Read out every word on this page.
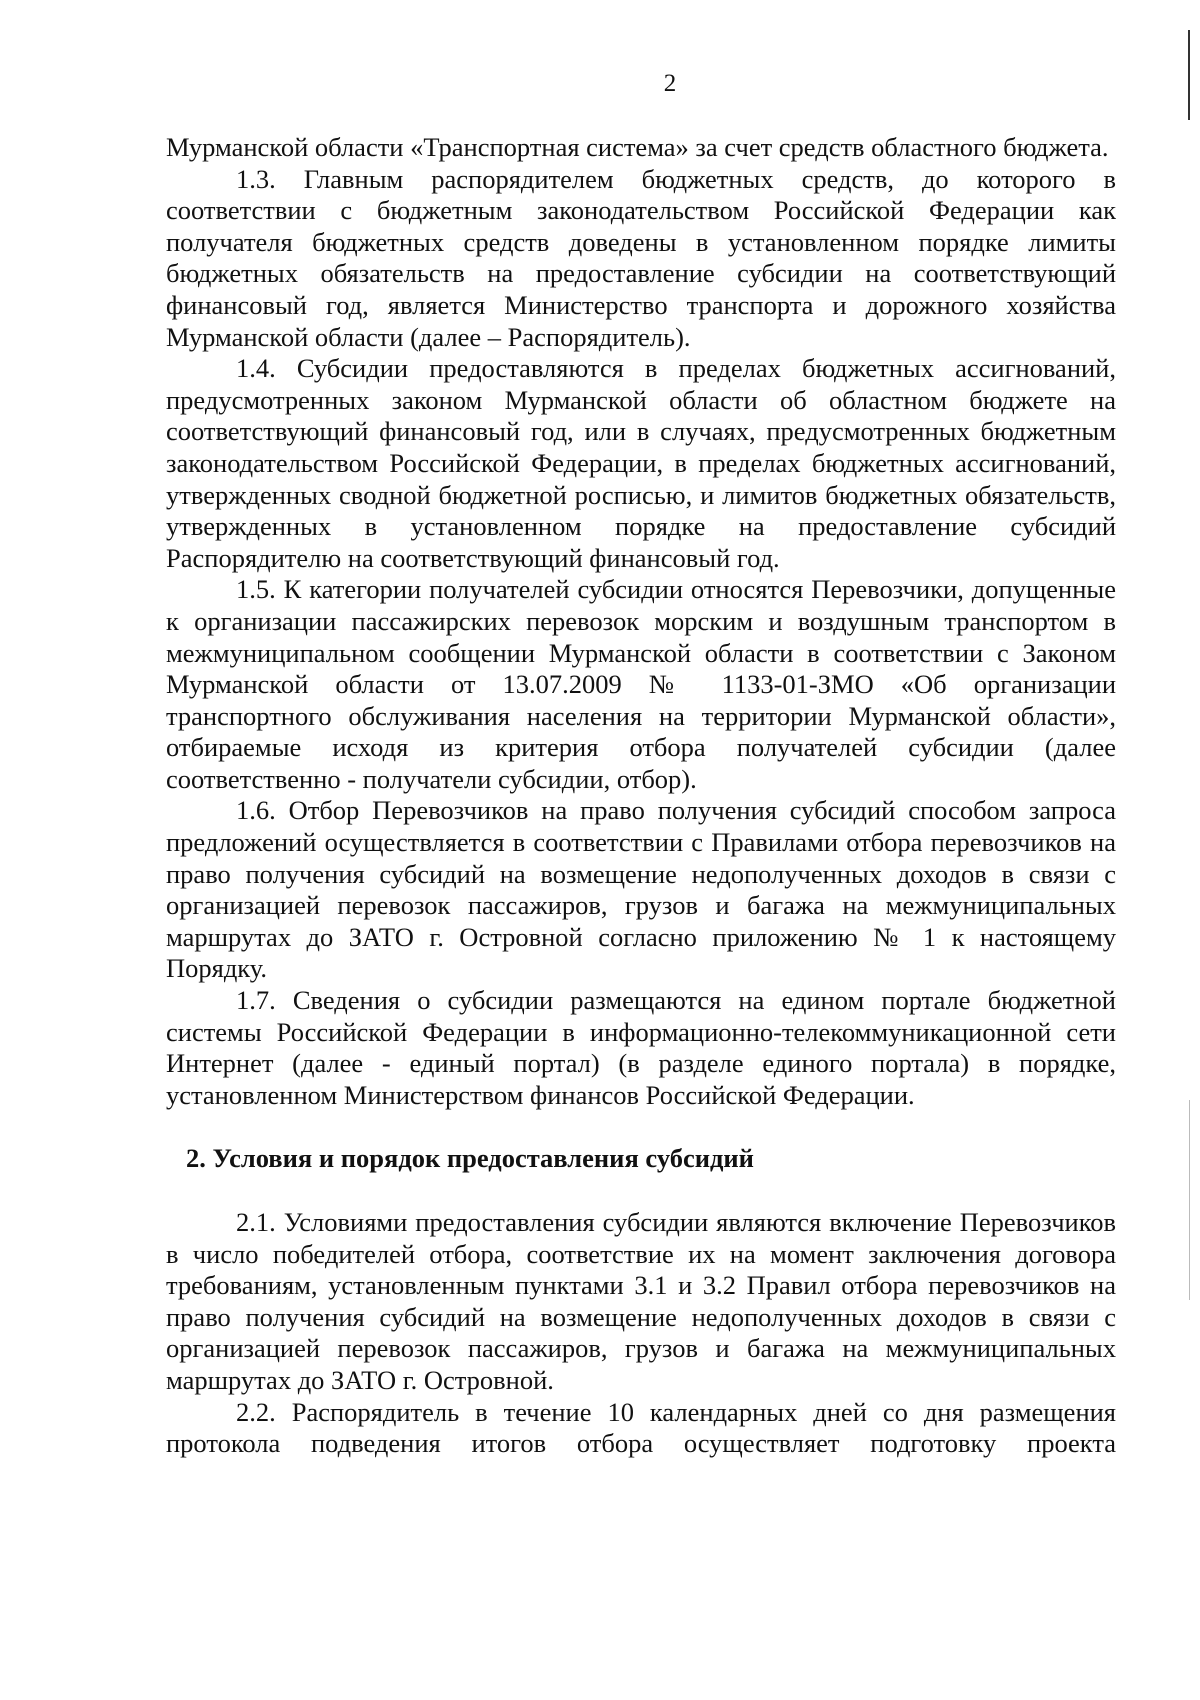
2

Мурманской области «Транспортная система» за счет средств областного бюджета.

1.3. Главным распорядителем бюджетных средств, до которого в соответствии с бюджетным законодательством Российской Федерации как получателя бюджетных средств доведены в установленном порядке лимиты бюджетных обязательств на предоставление субсидии на соответствующий финансовый год, является Министерство транспорта и дорожного хозяйства Мурманской области (далее – Распорядитель).

1.4. Субсидии предоставляются в пределах бюджетных ассигнований, предусмотренных законом Мурманской области об областном бюджете на соответствующий финансовый год, или в случаях, предусмотренных бюджетным законодательством Российской Федерации, в пределах бюджетных ассигнований, утвержденных сводной бюджетной росписью, и лимитов бюджетных обязательств, утвержденных в установленном порядке на предоставление субсидий Распорядителю на соответствующий финансовый год.

1.5. К категории получателей субсидии относятся Перевозчики, допущенные к организации пассажирских перевозок морским и воздушным транспортом в межмуниципальном сообщении Мурманской области в соответствии с Законом Мурманской области от 13.07.2009 № 1133-01-ЗМО «Об организации транспортного обслуживания населения на территории Мурманской области», отбираемые исходя из критерия отбора получателей субсидии (далее соответственно - получатели субсидии, отбор).

1.6. Отбор Перевозчиков на право получения субсидий способом запроса предложений осуществляется в соответствии с Правилами отбора перевозчиков на право получения субсидий на возмещение недополученных доходов в связи с организацией перевозок пассажиров, грузов и багажа на межмуниципальных маршрутах до ЗАТО г. Островной согласно приложению № 1 к настоящему Порядку.

1.7. Сведения о субсидии размещаются на едином портале бюджетной системы Российской Федерации в информационно-телекоммуникационной сети Интернет (далее - единый портал) (в разделе единого портала) в порядке, установленном Министерством финансов Российской Федерации.

2. Условия и порядок предоставления субсидий

2.1. Условиями предоставления субсидии являются включение Перевозчиков в число победителей отбора, соответствие их на момент заключения договора требованиям, установленным пунктами 3.1 и 3.2 Правил отбора перевозчиков на право получения субсидий на возмещение недополученных доходов в связи с организацией перевозок пассажиров, грузов и багажа на межмуниципальных маршрутах до ЗАТО г. Островной.

2.2. Распорядитель в течение 10 календарных дней со дня размещения протокола подведения итогов отбора осуществляет подготовку проекта
